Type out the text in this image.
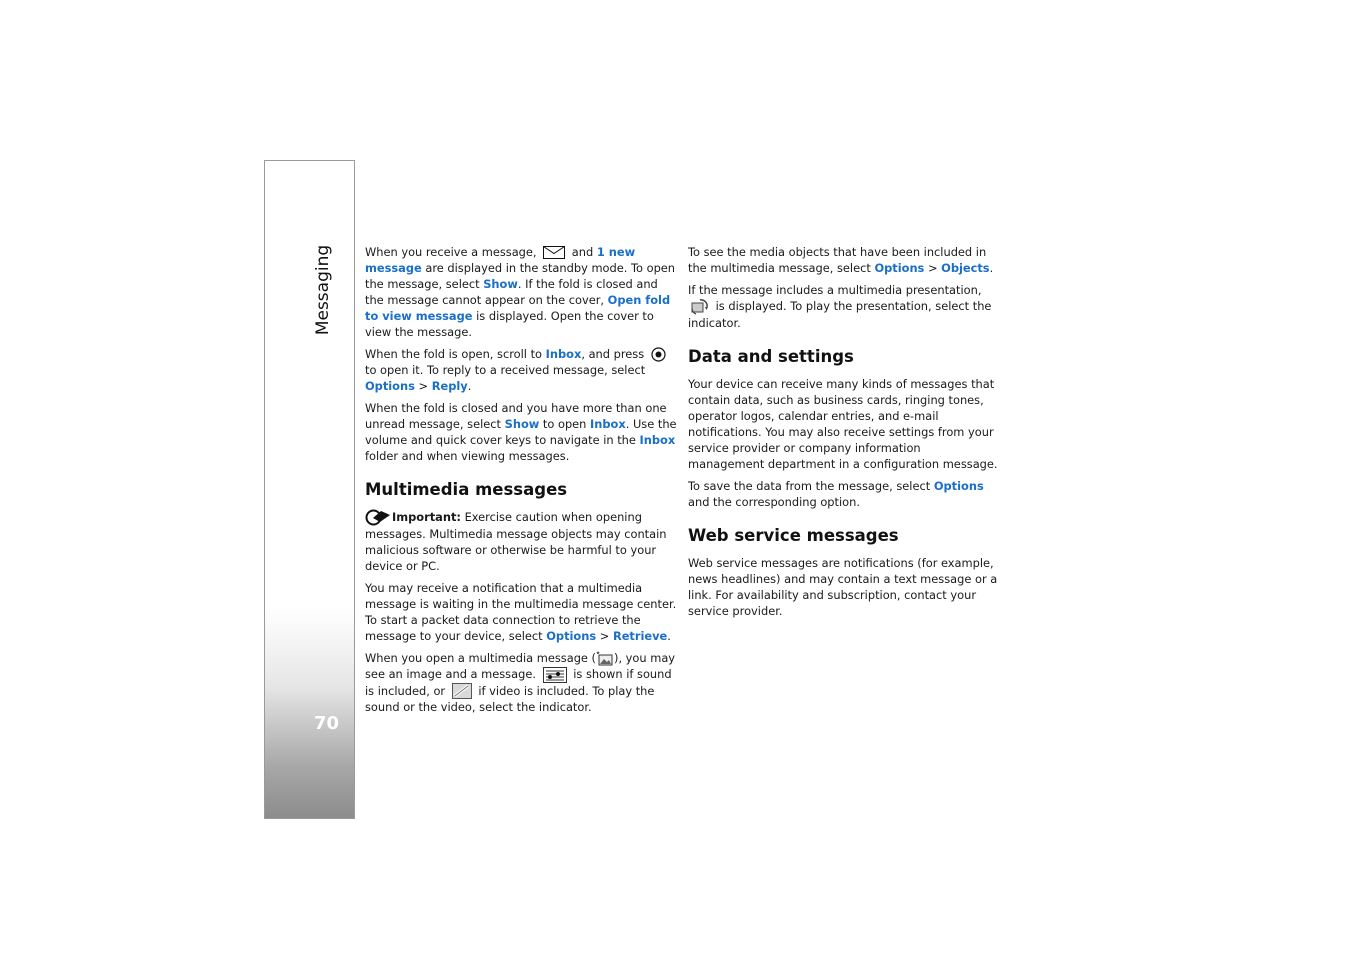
Messaging
70

When you receive a message,	and 1 new message are displayed in the standby mode. To open the message, select Show. If the fold is closed and the message cannot appear on the cover, Open fold to view message is displayed. Open the cover to view the message.

When the fold is open, scroll to Inbox, and press
to open it. To reply to a received message, select Options > Reply.

When the fold is closed and you have more than one unread message, select Show to open Inbox. Use the volume and quick cover keys to navigate in the Inbox folder and when viewing messages.

Multimedia messages

Important: Exercise caution when opening messages. Multimedia message objects may contain malicious software or otherwise be harmful to your device or PC.

You may receive a notification that a multimedia message is waiting in the multimedia message center. To start a packet data connection to retrieve the message to your device, select Options > Retrieve.

When you open a multimedia message ( ), you may see an image and a message.	is shown if sound is included, or	if video is included. To play the sound or the video, select the indicator.

To see the media objects that have been included in the multimedia message, select Options > Objects.

If the message includes a multimedia presentation,
is displayed. To play the presentation, select the indicator.

Data and settings

Your device can receive many kinds of messages that contain data, such as business cards, ringing tones, operator logos, calendar entries, and e-mail notifications. You may also receive settings from your service provider or company information management department in a configuration message.

To save the data from the message, select Options and the corresponding option.

Web service messages

Web service messages are notifications (for example, news headlines) and may contain a text message or a link. For availability and subscription, contact your service provider.
